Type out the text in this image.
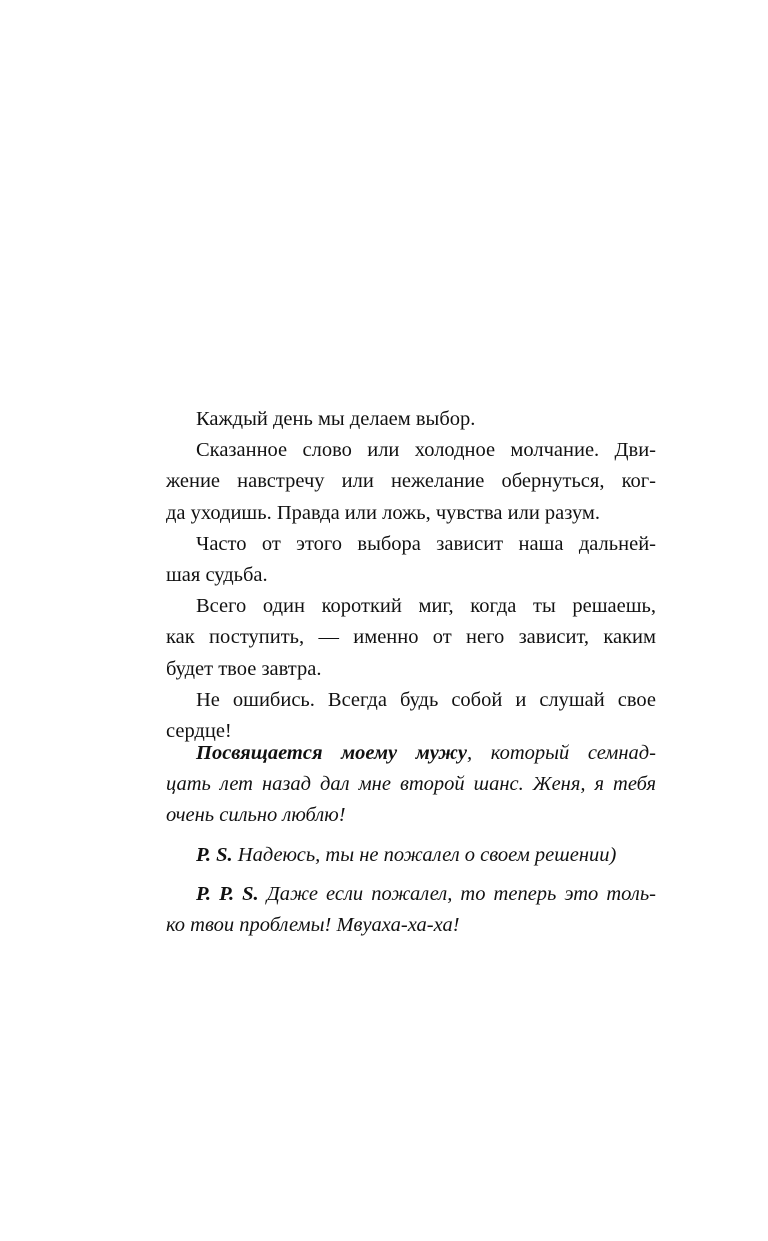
Каждый день мы делаем выбор.
Сказанное слово или холодное молчание. Дви-
жение навстречу или нежелание обернуться, ког-
да уходишь. Правда или ложь, чувства или разум.
Часто от этого выбора зависит наша дальней-
шая судьба.
Всего один короткий миг, когда ты решаешь,
как поступить, — именно от него зависит, каким
будет твое завтра.
Не ошибись. Всегда будь собой и слушай свое
сердце!
Посвящается моему мужу, который семнад-
цать лет назад дал мне второй шанс. Женя, я тебя
очень сильно люблю!
P. S. Надеюсь, ты не пожалел о своем решении)
P. P. S. Даже если пожалел, то теперь это толь-
ко твои проблемы! Мвуаха-ха-ха!
